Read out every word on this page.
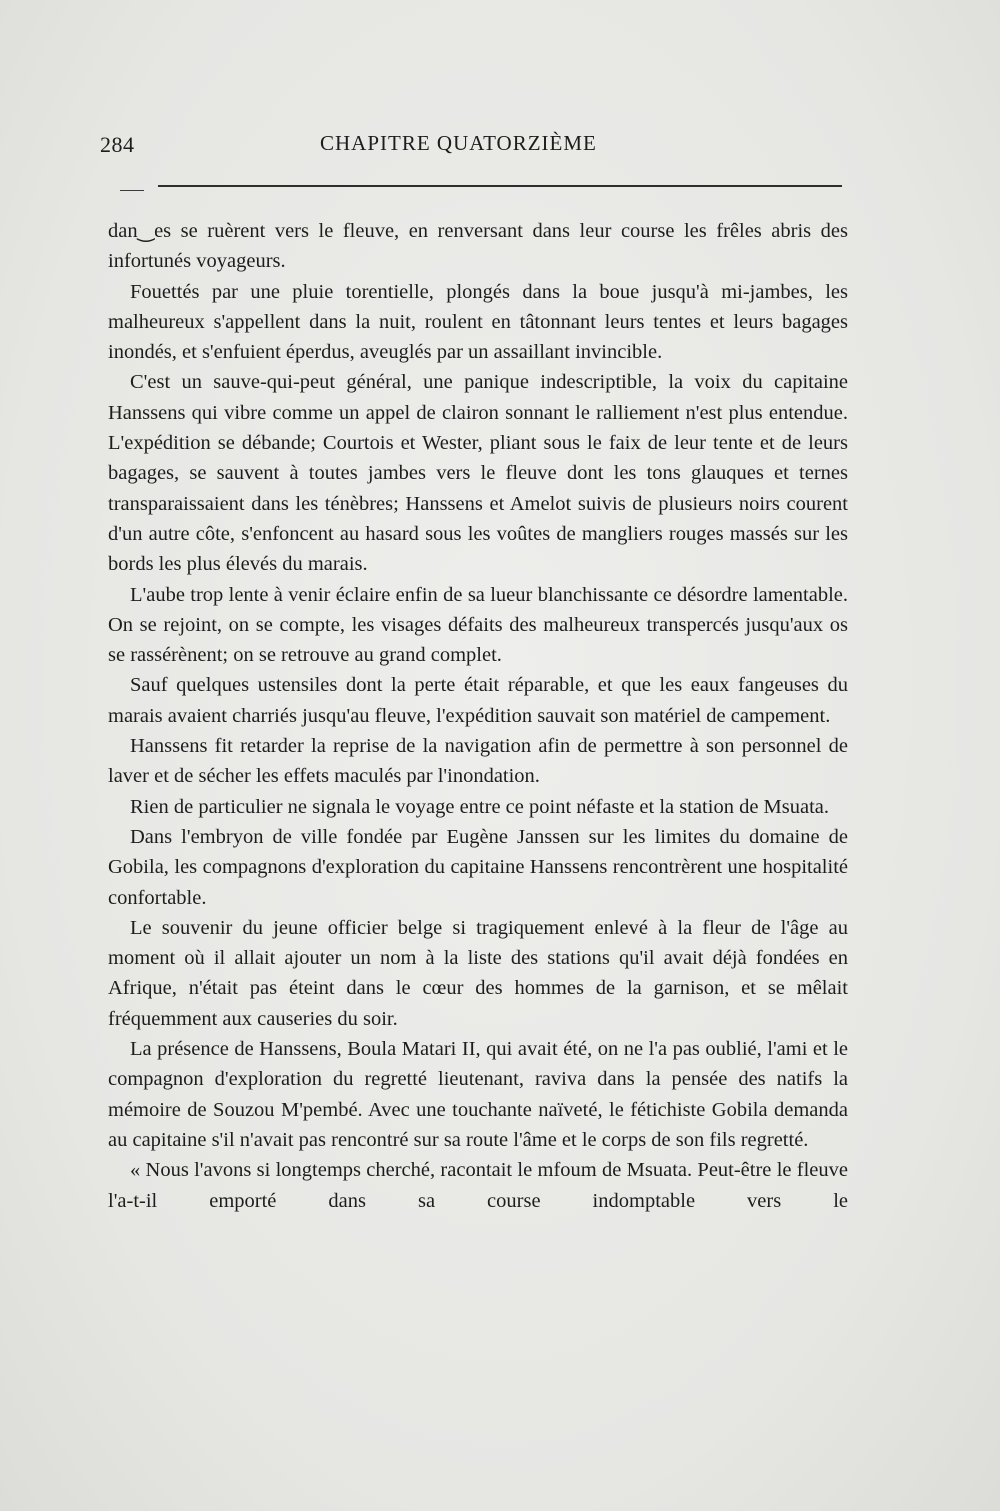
284	CHAPITRE QUATORZIÈME

dan‿es se ruèrent vers le fleuve, en renversant dans leur course les frêles abris des infortunés voyageurs.

Fouettés par une pluie torentielle, plongés dans la boue jusqu'à mi-jambes, les malheureux s'appellent dans la nuit, roulent en tâtonnant leurs tentes et leurs bagages inondés, et s'enfuient éperdus, aveuglés par un assaillant invincible.

C'est un sauve-qui-peut général, une panique indescriptible, la voix du capitaine Hanssens qui vibre comme un appel de clairon sonnant le ralliement n'est plus entendue. L'expédition se débande; Courtois et Wester, pliant sous le faix de leur tente et de leurs bagages, se sauvent à toutes jambes vers le fleuve dont les tons glauques et ternes transparaissaient dans les ténèbres; Hanssens et Amelot suivis de plusieurs noirs courent d'un autre côte, s'enfoncent au hasard sous les voûtes de mangliers rouges massés sur les bords les plus élevés du marais.

L'aube trop lente à venir éclaire enfin de sa lueur blanchissante ce désordre lamentable. On se rejoint, on se compte, les visages défaits des malheureux transpercés jusqu'aux os se rassérènent; on se retrouve au grand complet.

Sauf quelques ustensiles dont la perte était réparable, et que les eaux fangeuses du marais avaient charriés jusqu'au fleuve, l'expédition sauvait son matériel de campement.

Hanssens fit retarder la reprise de la navigation afin de permettre à son personnel de laver et de sécher les effets maculés par l'inondation.

Rien de particulier ne signala le voyage entre ce point néfaste et la station de Msuata.

Dans l'embryon de ville fondée par Eugène Janssen sur les limites du domaine de Gobila, les compagnons d'exploration du capitaine Hanssens rencontrèrent une hospitalité confortable.

Le souvenir du jeune officier belge si tragiquement enlevé à la fleur de l'âge au moment où il allait ajouter un nom à la liste des stations qu'il avait déjà fondées en Afrique, n'était pas éteint dans le cœur des hommes de la garnison, et se mêlait fréquemment aux causeries du soir.

La présence de Hanssens, Boula Matari II, qui avait été, on ne l'a pas oublié, l'ami et le compagnon d'exploration du regretté lieutenant, raviva dans la pensée des natifs la mémoire de Souzou M'pembé. Avec une touchante naïveté, le fétichiste Gobila demanda au capitaine s'il n'avait pas rencontré sur sa route l'âme et le corps de son fils regretté.

« Nous l'avons si longtemps cherché, racontait le mfoum de Msuata. Peut-être le fleuve l'a-t-il emporté dans sa course indomptable vers le
